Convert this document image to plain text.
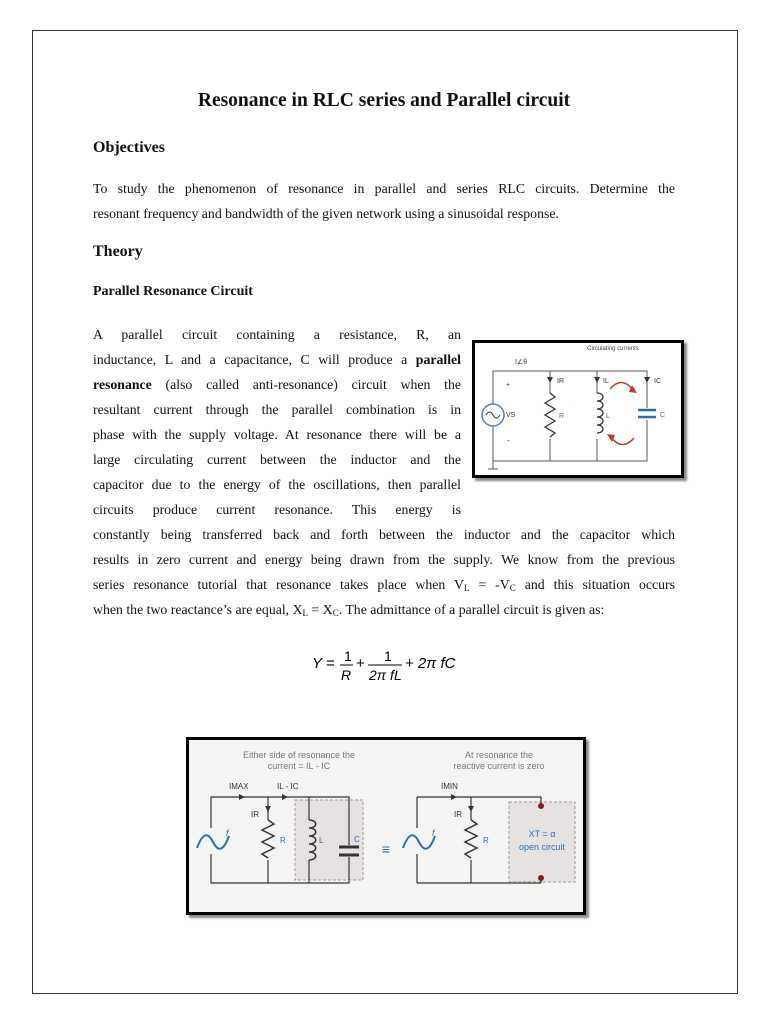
Resonance in RLC series and Parallel circuit
Objectives
To study the phenomenon of resonance in parallel and series RLC circuits. Determine the
resonant frequency and bandwidth of the given network using a sinusoidal response.
Theory
Parallel Resonance Circuit
A parallel circuit containing a resistance, R, an
inductance, L and a capacitance, C will produce a parallel
resonance (also called anti-resonance) circuit when the
resultant current through the parallel combination is in
phase with the supply voltage. At resonance there will be a
large circulating current between the inductor and the
capacitor due to the energy of the oscillations, then parallel
circuits produce current resonance. This energy is
constantly being transferred back and forth between the inductor and the capacitor which
results in zero current and energy being drawn from the supply. We know from the previous
series resonance tutorial that resonance takes place when $V_L = -V_C$ and this situation occurs
when the two reactance’s are equal, $X_L = X_C$. The admittance of a parallel circuit is given as:
Y = 1
R
+ 1
2π fL
+ 2π fC
Circulating currents
I∠θ
+
-
VS
IR
R
IL
L
IC
C
Either side of resonance the
current = IL - IC
At resonance the
reactive current is zero
f
IMAX	IL - IC
IR
R	L	C
≡
XT = α
open circuit
f
IMIN
IR
R
